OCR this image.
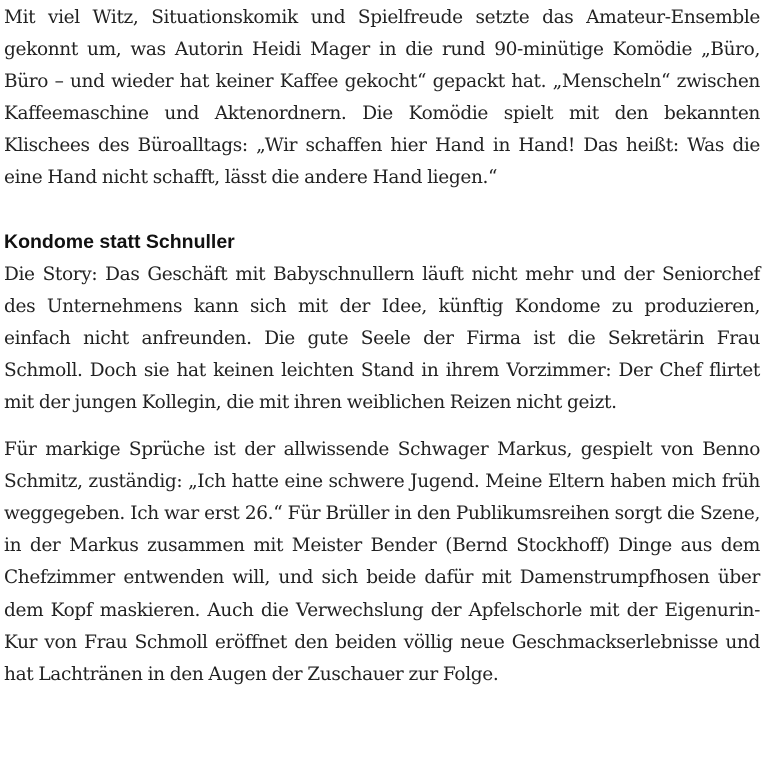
Mit viel Witz, Situationskomik und Spielfreude setzte das Amateur-Ensemble gekonnt um, was Autorin Heidi Mager in die rund 90-minütige Komödie „Büro, Büro – und wieder hat keiner Kaffee gekocht“ gepackt hat. „Menscheln“ zwischen Kaffeemaschine und Aktenordnern. Die Komödie spielt mit den bekannten Klischees des Büroalltags: „Wir schaffen hier Hand in Hand! Das heißt: Was die eine Hand nicht schafft, lässt die andere Hand liegen.“

Kondome statt Schnuller

Die Story: Das Geschäft mit Babyschnullern läuft nicht mehr und der Seniorchef des Unternehmens kann sich mit der Idee, künftig Kondome zu produzieren, einfach nicht anfreunden. Die gute Seele der Firma ist die Sekretärin Frau Schmoll. Doch sie hat keinen leichten Stand in ihrem Vorzimmer: Der Chef flirtet mit der jungen Kollegin, die mit ihren weiblichen Reizen nicht geizt.

Für markige Sprüche ist der allwissende Schwager Markus, gespielt von Benno Schmitz, zuständig: „Ich hatte eine schwere Jugend. Meine Eltern haben mich früh weggegeben. Ich war erst 26.“ Für Brüller in den Publikumsreihen sorgt die Szene, in der Markus zusammen mit Meister Bender (Bernd Stockhoff) Dinge aus dem Chefzimmer entwenden will, und sich beide dafür mit Damenstrumpfhosen über dem Kopf maskieren. Auch die Verwechslung der Apfelschorle mit der Eigenurin-Kur von Frau Schmoll eröffnet den beiden völlig neue Geschmackserlebnisse und hat Lachtränen in den Augen der Zuschauer zur Folge.
